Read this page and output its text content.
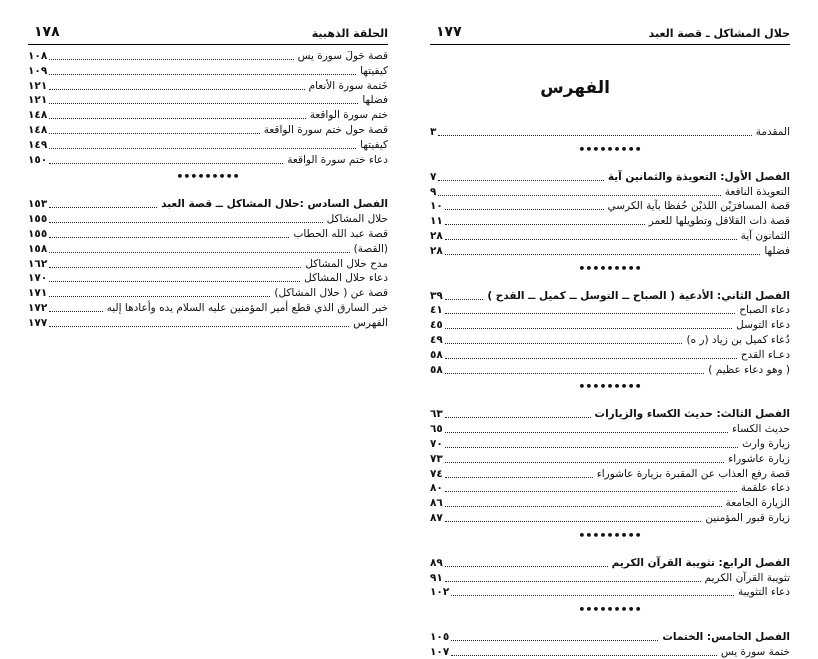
حلال المشاكل ـ قصة العبد
١٧٧
الفهرس
المقدمة
٣
•••••••••
الفصل الأول: التعويذة والثمانين آية
٧
التعويذة النافعة
٩
قصة المسافرَيْن اللذيْن حُفظا بآية الكرسي
١٠
قصة ذات القلاقل وتطويلها للعمر
١١
الثمانون آية
٢٨
فضلها
٢٨
•••••••••
الفصل الثاني: الأدعية ( الصباح ــ التوسل ــ كميل ــ القدح )
٣٩
دعاء الصباح
٤١
دعاء التوسل
٤٥
دُعاء كميل بن زياد (ر ه)
٤٩
دعـاء القدح
٥٨
( وهو دعاء عظيم )
٥٨
•••••••••
الفصل الثالث: حديث الكساء والزيارات
٦٣
حديث الكساء
٦٥
زيارة وارث
٧٠
زيارة عاشوراء
٧٣
قصة رفع العذاب عن المقبرة بزيارة عاشوراء
٧٤
دعاء علقمة
٨٠
الزيارة الجامعة
٨٦
زيارة قبور المؤمنين
٨٧
•••••••••
الفصل الرابع: تثويبة القرآن الكريم
٨٩
تثويبة القرآن الكريم
٩١
دعاء التثويبة
١٠٢
•••••••••
الفصل الخامس: الختمات
١٠٥
ختمة سورة يس
١٠٧
الحلقة الذهبية
١٧٨
قصة حَولَ سورة يس
١٠٨
كيفيتها
١٠٩
خَتمة سورة الأنعام
١٢١
فضلها
١٢١
ختم سورة الواقعة
١٤٨
قصة حول ختم سورة الواقعة
١٤٨
كيفيتها
١٤٩
دعاء ختم سورة الواقعة
١٥٠
•••••••••
الفصل السادس :حلال المشاكل ــ قصة العبد
١٥٣
حلال المشاكل
١٥٥
قصة عبد الله الحطاب
١٥٥
(القصة)
١٥٨
مدح حلال المشاكل
١٦٢
دعاء حلال المشاكل
١٧٠
قصة عن ( حلال المشاكل)
١٧١
خبر السارق الذي قطع أمير المؤمنين عليه السلام يده وأعادها إليه
١٧٢
الفهرس
١٧٧
